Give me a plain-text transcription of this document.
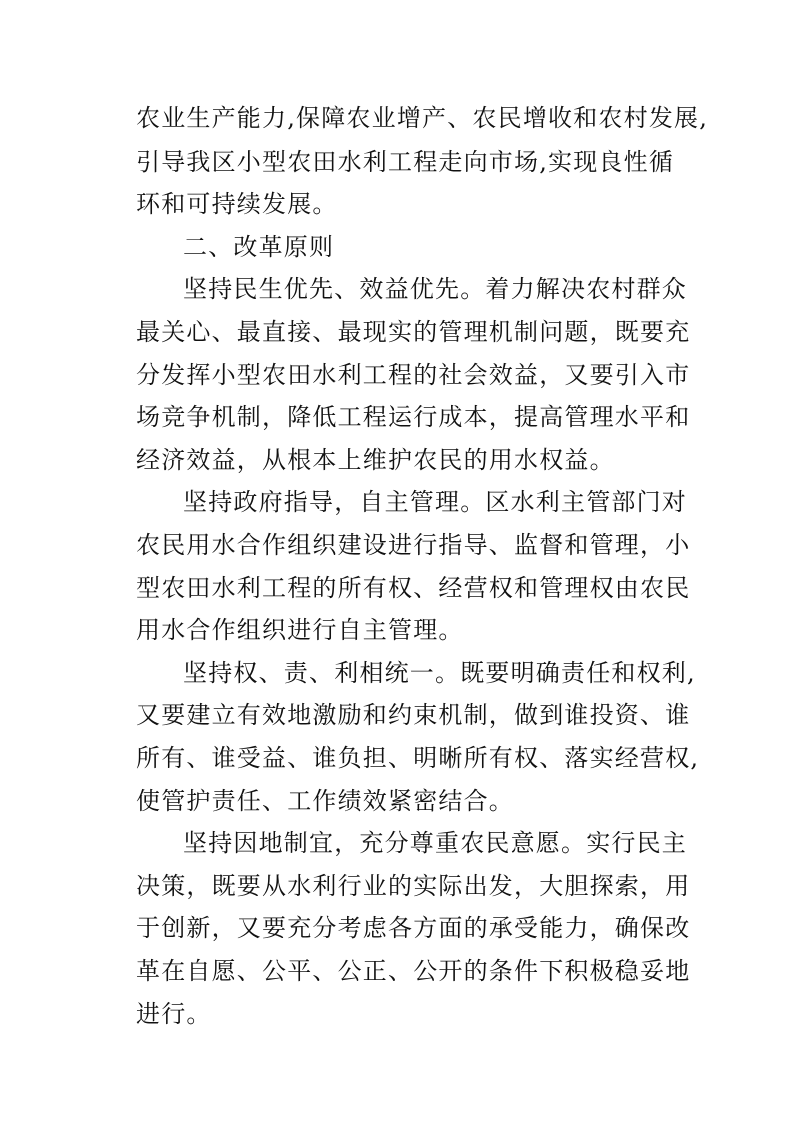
农业生产能力,保障农业增产、农民增收和农村发展,
引导我区小型农田水利工程走向市场,实现良性循
环和可持续发展。
二、改革原则
坚持民生优先、效益优先。着力解决农村群众
最关心、最直接、最现实的管理机制问题，既要充
分发挥小型农田水利工程的社会效益，又要引入市
场竞争机制，降低工程运行成本，提高管理水平和
经济效益，从根本上维护农民的用水权益。
坚持政府指导，自主管理。区水利主管部门对
农民用水合作组织建设进行指导、监督和管理，小
型农田水利工程的所有权、经营权和管理权由农民
用水合作组织进行自主管理。
坚持权、责、利相统一。既要明确责任和权利,
又要建立有效地激励和约束机制，做到谁投资、谁
所有、谁受益、谁负担、明晰所有权、落实经营权,
使管护责任、工作绩效紧密结合。
坚持因地制宜，充分尊重农民意愿。实行民主
决策，既要从水利行业的实际出发，大胆探索，用
于创新，又要充分考虑各方面的承受能力，确保改
革在自愿、公平、公正、公开的条件下积极稳妥地
进行。
